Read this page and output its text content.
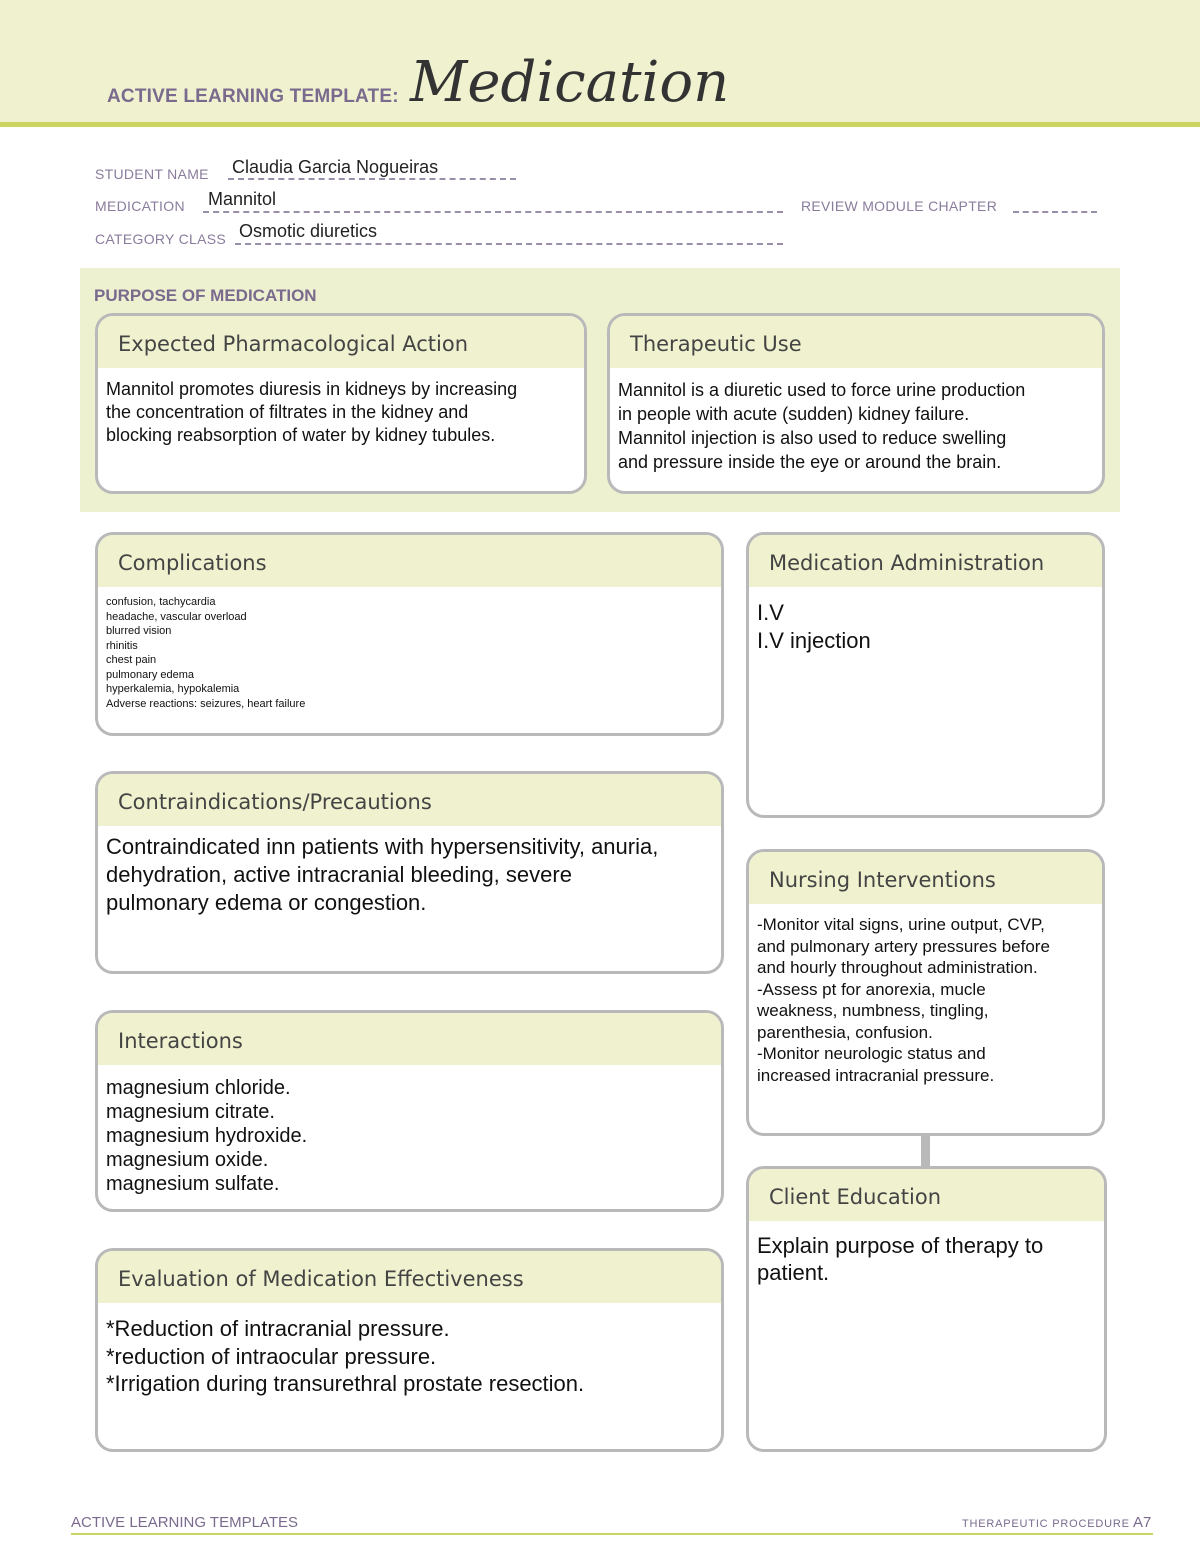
ACTIVE LEARNING TEMPLATE: Medication
STUDENT NAME Claudia Garcia Nogueiras
MEDICATION Mannitol	REVIEW MODULE CHAPTER
CATEGORY CLASS Osmotic diuretics
PURPOSE OF MEDICATION
Expected Pharmacological Action
Mannitol promotes diuresis in kidneys by increasing
the concentration of filtrates in the kidney and
blocking reabsorption of water by kidney tubules.
Therapeutic Use
Mannitol is a diuretic used to force urine production
in people with acute (sudden) kidney failure.
Mannitol injection is also used to reduce swelling
and pressure inside the eye or around the brain.
Complications
confusion, tachycardia
headache, vascular overload
blurred vision
rhinitis
chest pain
pulmonary edema
hyperkalemia, hypokalemia
Adverse reactions: seizures, heart failure
Medication Administration
I.V
I.V injection
Contraindications/Precautions
Contraindicated inn patients with hypersensitivity, anuria,
dehydration, active intracranial bleeding, severe
pulmonary edema or congestion.
Nursing Interventions
-Monitor vital signs, urine output, CVP,
and pulmonary artery pressures before
and hourly throughout administration.
-Assess pt for anorexia, mucle
weakness, numbness, tingling,
parenthesia, confusion.
-Monitor neurologic status and
increased intracranial pressure.
Interactions
magnesium chloride.
magnesium citrate.
magnesium hydroxide.
magnesium oxide.
magnesium sulfate.
Client Education
Explain purpose of therapy to
patient.
Evaluation of Medication Effectiveness
*Reduction of intracranial pressure.
*reduction of intraocular pressure.
*Irrigation during transurethral prostate resection.
ACTIVE LEARNING TEMPLATES	THERAPEUTIC PROCEDURE A7
